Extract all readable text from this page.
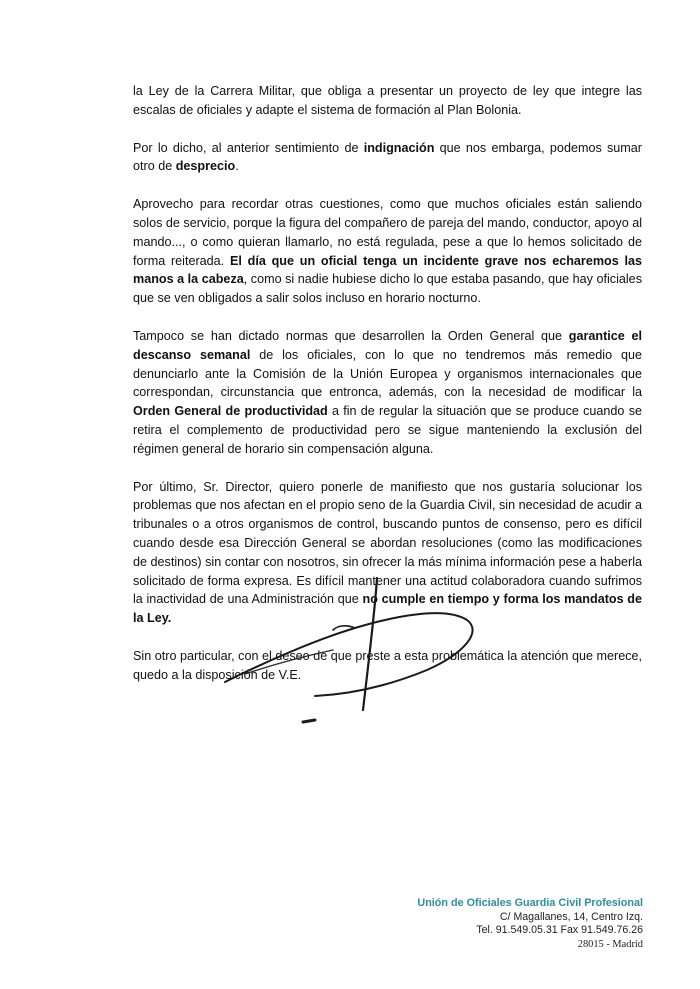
la Ley de la Carrera Militar, que obliga a presentar un proyecto de ley que integre las escalas de oficiales y adapte el sistema de formación al Plan Bolonia.

Por lo dicho, al anterior sentimiento de indignación que nos embarga, podemos sumar otro de desprecio.

Aprovecho para recordar otras cuestiones, como que muchos oficiales están saliendo solos de servicio, porque la figura del compañero de pareja del mando, conductor, apoyo al mando..., o como quieran llamarlo, no está regulada, pese a que lo hemos solicitado de forma reiterada. El día que un oficial tenga un incidente grave nos echaremos las manos a la cabeza, como si nadie hubiese dicho lo que estaba pasando, que hay oficiales que se ven obligados a salir solos incluso en horario nocturno.

Tampoco se han dictado normas que desarrollen la Orden General que garantice el descanso semanal de los oficiales, con lo que no tendremos más remedio que denunciarlo ante la Comisión de la Unión Europea y organismos internacionales que correspondan, circunstancia que entronca, además, con la necesidad de modificar la Orden General de productividad a fin de regular la situación que se produce cuando se retira el complemento de productividad pero se sigue manteniendo la exclusión del régimen general de horario sin compensación alguna.

Por último, Sr. Director, quiero ponerle de manifiesto que nos gustaría solucionar los problemas que nos afectan en el propio seno de la Guardia Civil, sin necesidad de acudir a tribunales o a otros organismos de control, buscando puntos de consenso, pero es difícil cuando desde esa Dirección General se abordan resoluciones (como las modificaciones de destinos) sin contar con nosotros, sin ofrecer la más mínima información pese a haberla solicitado de forma expresa. Es difícil mantener una actitud colaboradora cuando sufrimos la inactividad de una Administración que no cumple en tiempo y forma los mandatos de la Ley.

Sin otro particular, con el deseo de que preste a esta problemática la atención que merece, quedo a la disposición de V.E.

Unión de Oficiales Guardia Civil Profesional
C/ Magallanes, 14, Centro Izq.
Tel. 91.549.05.31 Fax 91.549.76.26
28015 - Madrid
